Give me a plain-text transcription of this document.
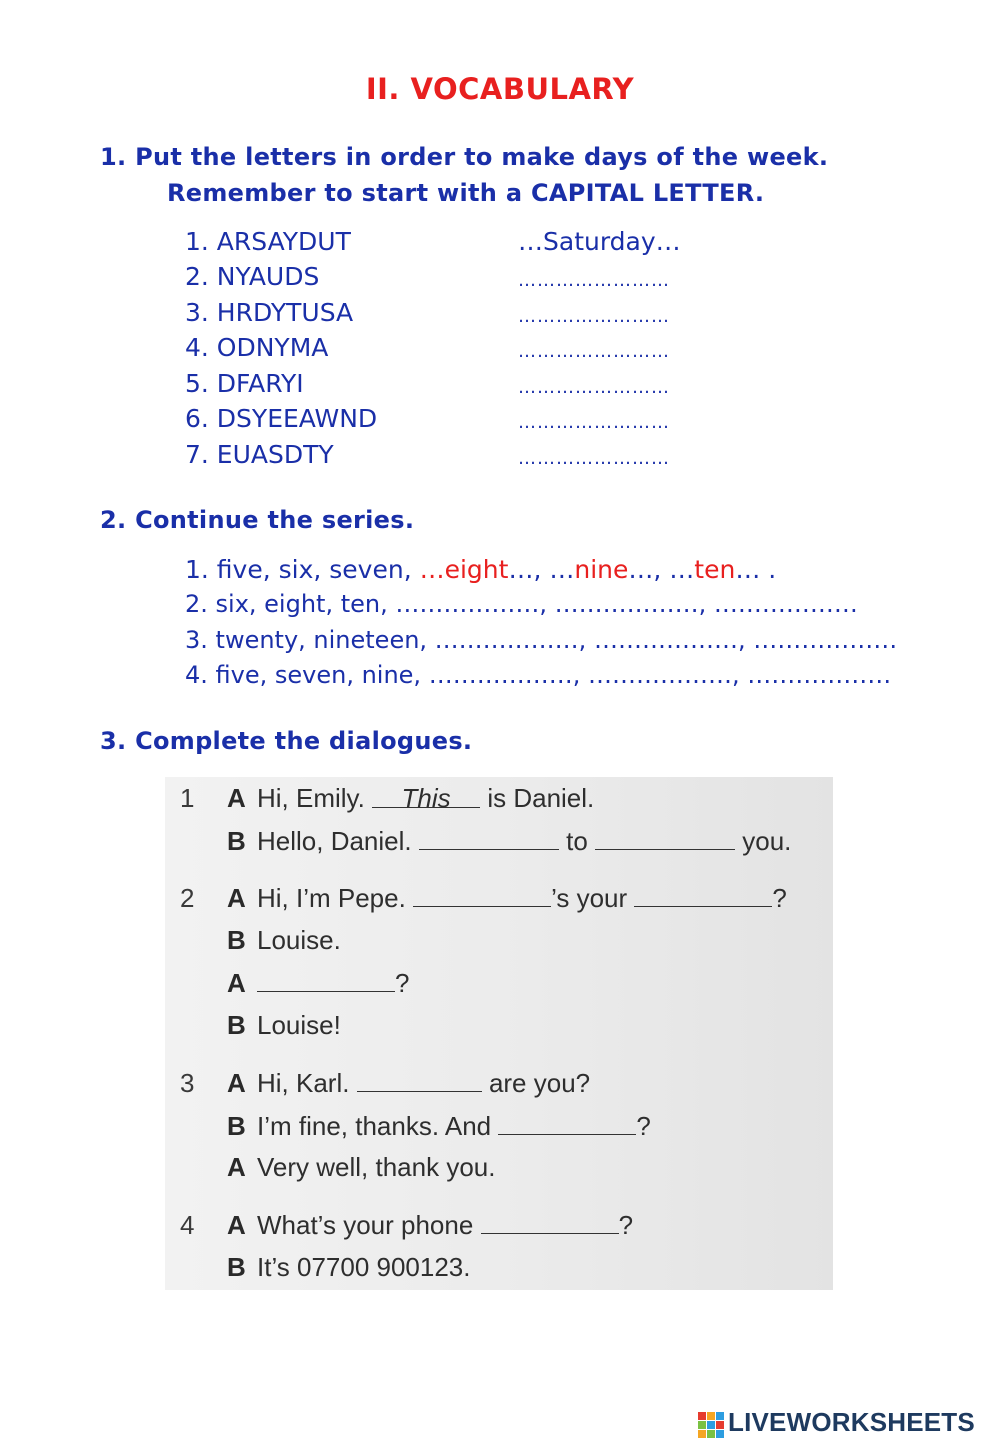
II. VOCABULARY
1. Put the letters in order to make days of the week.
Remember to start with a CAPITAL LETTER.
1. ARSAYDUT	…Saturday…
2. NYAUDS	……………………
3. HRDYTUSA	……………………
4. ODNYMA	……………………
5. DFARYI	……………………
6. DSYEEAWND	……………………
7. EUASDTY	……………………
2. Continue the series.
1. five, six, seven, …eight…, …nine…, …ten… .
2. six, eight, ten, ………………, ………………, ………………
3. twenty, nineteen, ………………, ………………, ………………
4. five, seven, nine, ………………, ………………, ………………
3. Complete the dialogues.
1 A Hi, Emily. This is Daniel.
B Hello, Daniel.	to	you.
2 A Hi, I’m Pepe.	’s your	?
B Louise.
A	?
B Louise!
3 A Hi, Karl.	are you?
B I’m fine, thanks. And	?
A Very well, thank you.
4 A What’s your phone	?
B It’s 07700 900123.
LIVEWORKSHEETS
